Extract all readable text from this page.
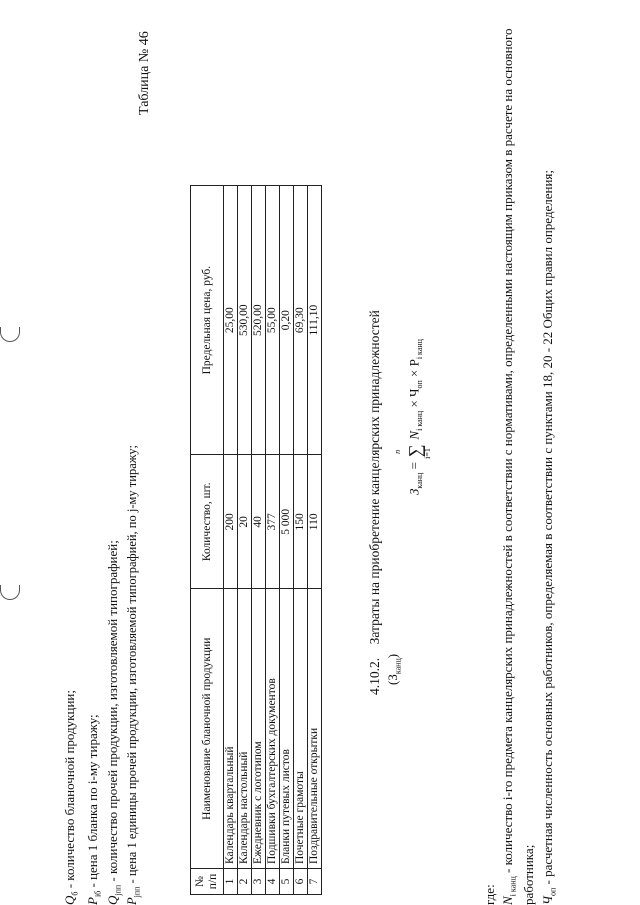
$Q_б$ - количество бланочной продукции;
$P_{iб}$ - цена 1 бланка по i-му тиражу;
$Q_{jпп}$ - количество прочей продукции, изготовляемой типографией;
$P_{jпп}$ - цена 1 единицы прочей продукции, изготовляемой типографией, по j-му тиражу;
Таблица № 46
№ п/п	Наименование бланочной продукции	Количество, шт.	Предельная цена, руб.
1	Календарь квартальный	200	25,00
2	Календарь настольный	20	530,00
3	Ежедневник с логотипом	40	520,00
4	Подшивки бухгалтерских документов	377	55,00
5	Бланки путевых листов	5 000	0,20
6	Почетные грамоты	150	69,30
7	Поздравительные открытки	110	111,10
4.10.2.    Затраты на приобретение канцелярских принадлежностей
$(З_{канц})$
$З_{канц}$ =
n ∑
i=1
$N_{i канц} \times Ч_{оп} \times P_{i канц}$
где: $N_{i канц}$ - количество i-го предмета канцелярских принадлежностей в соответствии с нормативами, определенными настоящим приказом в расчете на основного работника; $Ч_{оп}$ - расчетная численность основных работников, определяемая в соответствии с пунктами 18, 20 - 22 Общих правил определения;
